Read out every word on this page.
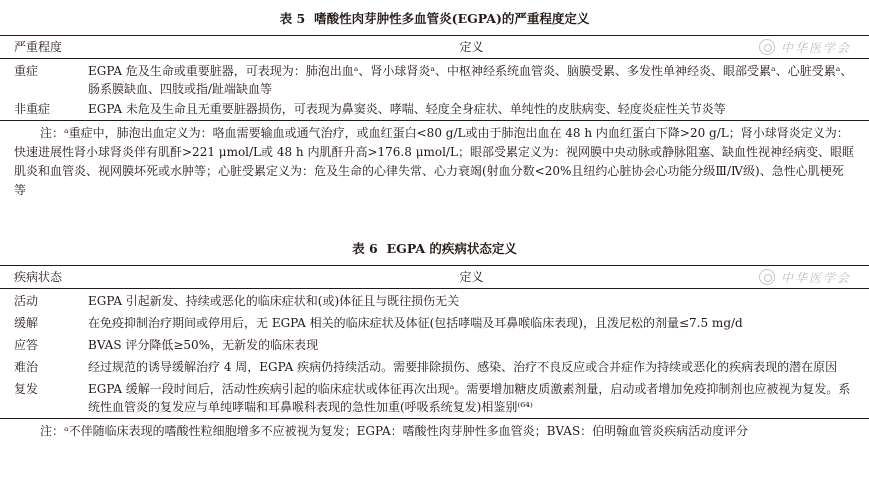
表 5 嗜酸性肉芽肿性多血管炎(EGPA)的严重程度定义
严重程度	定义	中华医学会
重症	EGPA 危及生命或重要脏器，可表现为：肺泡出血ᵃ、肾小球肾炎ᵃ、中枢神经系统血管炎、脑膜受累、多发性单神经炎、眼部受累ᵃ、心脏受累ᵃ、肠系膜缺血、四肢或指/趾端缺血等
非重症	EGPA 未危及生命且无重要脏器损伤，可表现为鼻窦炎、哮喘、轻度全身症状、单纯性的皮肤病变、轻度炎症性关节炎等
注：ᵃ重症中，肺泡出血定义为：咯血需要输血或通气治疗，或血红蛋白<80 g/L或由于肺泡出血在 48 h 内血红蛋白下降>20 g/L；肾小球肾炎定义为：快速进展性肾小球肾炎伴有肌酐>221 μmol/L或 48 h 内肌酐升高>176.8 μmol/L；眼部受累定义为：视网膜中央动脉或静脉阻塞、缺血性视神经病变、眼眶肌炎和血管炎、视网膜坏死或水肿等；心脏受累定义为：危及生命的心律失常、心力衰竭(射血分数<20%且纽约心脏协会心功能分级Ⅲ/Ⅳ级)、急性心肌梗死等
表 6 EGPA 的疾病状态定义
疾病状态	定义	中华医学会
活动	EGPA 引起新发、持续或恶化的临床症状和(或)体征且与既往损伤无关
缓解	在免疫抑制治疗期间或停用后，无 EGPA 相关的临床症状及体征(包括哮喘及耳鼻喉临床表现)，且泼尼松的剂量≤7.5 mg/d
应答	BVAS 评分降低≥50%，无新发的临床表现
难治	经过规范的诱导缓解治疗 4 周，EGPA 疾病仍持续活动。需要排除损伤、感染、治疗不良反应或合并症作为持续或恶化的疾病表现的潜在原因
复发	EGPA 缓解一段时间后，活动性疾病引起的临床症状或体征再次出现ᵃ。需要增加糖皮质激素剂量，启动或者增加免疫抑制剂也应被视为复发。系统性血管炎的复发应与单纯哮喘和耳鼻喉科表现的急性加重(呼吸系统复发)相鉴别⁽⁶⁴⁾
注：ᵃ不伴随临床表现的嗜酸性粒细胞增多不应被视为复发；EGPA：嗜酸性肉芽肿性多血管炎；BVAS：伯明翰血管炎疾病活动度评分
